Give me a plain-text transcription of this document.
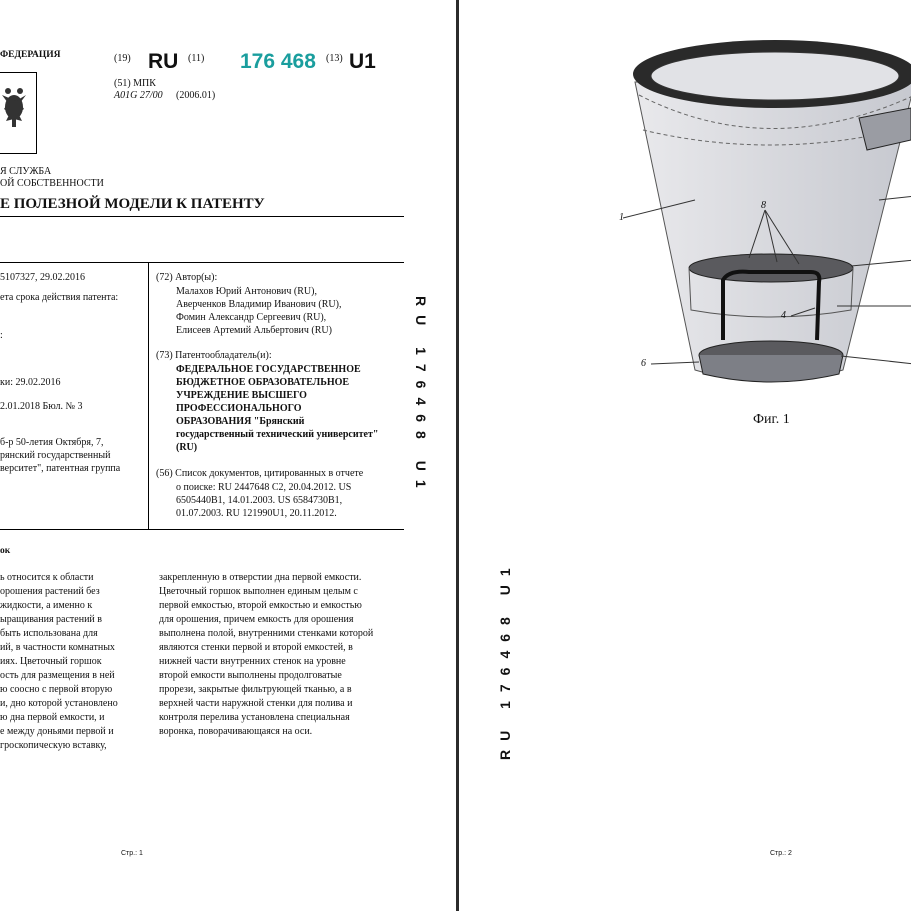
ФЕДЕРАЦИЯ	(19) RU (11) 176 468 (13) U1
(51) МПК
A01G 27/00 (2006.01)
Я СЛУЖБА
ОЙ СОБСТВЕННОСТИ
Е ПОЛЕЗНОЙ МОДЕЛИ К ПАТЕНТУ
5107327, 29.02.2016
ета срока действия патента:
:
ки: 29.02.2016
2.01.2018 Бюл. № 3
б-р 50-летия Октября, 7,
рянский государственный
верситет", патентная группа
(72) Автор(ы):
Малахов Юрий Антонович (RU),
Аверченков Владимир Иванович (RU),
Фомин Александр Сергеевич (RU),
Елисеев Артемий Альбертович (RU)
(73) Патентообладатель(и):
ФЕДЕРАЛЬНОЕ ГОСУДАРСТВЕННОЕ
БЮДЖЕТНОЕ ОБРАЗОВАТЕЛЬНОЕ
УЧРЕЖДЕНИЕ ВЫСШЕГО
ПРОФЕССИОНАЛЬНОГО
ОБРАЗОВАНИЯ "Брянский
государственный технический университет"
(RU)
(56) Список документов, цитированных в отчете
о поиске: RU 2447648 C2, 20.04.2012. US
6505440B1, 14.01.2003. US 6584730B1,
01.07.2003. RU 121990U1, 20.11.2012.
RU 176468 U1
ок
ь относится к области
орошения растений без
жидкости, а именно к
ыращивания растений в
быть использована для
ий, в частности комнатных
иях. Цветочный горшок
ость для размещения в ней
ю соосно с первой вторую
и, дно которой установлено
ю дна первой емкости, и
е между доньями первой и
гроскопическую вставку,
закрепленную в отверстии дна первой емкости.
Цветочный горшок выполнен единым целым с
первой емкостью, второй емкостью и емкостью
для орошения, причем емкость для орошения
выполнена полой, внутренними стенками которой
являются стенки первой и второй емкостей, в
нижней части внутренних стенок на уровне
второй емкости выполнены продолговатые
прорези, закрытые фильтрующей тканью, а в
верхней части наружной стенки для полива и
контроля перелива установлена специальная
воронка, поворачивающаяся на оси.
Стр.: 1
1
8
4
6
Фиг. 1
RU 176468 U1
Стр.: 2
